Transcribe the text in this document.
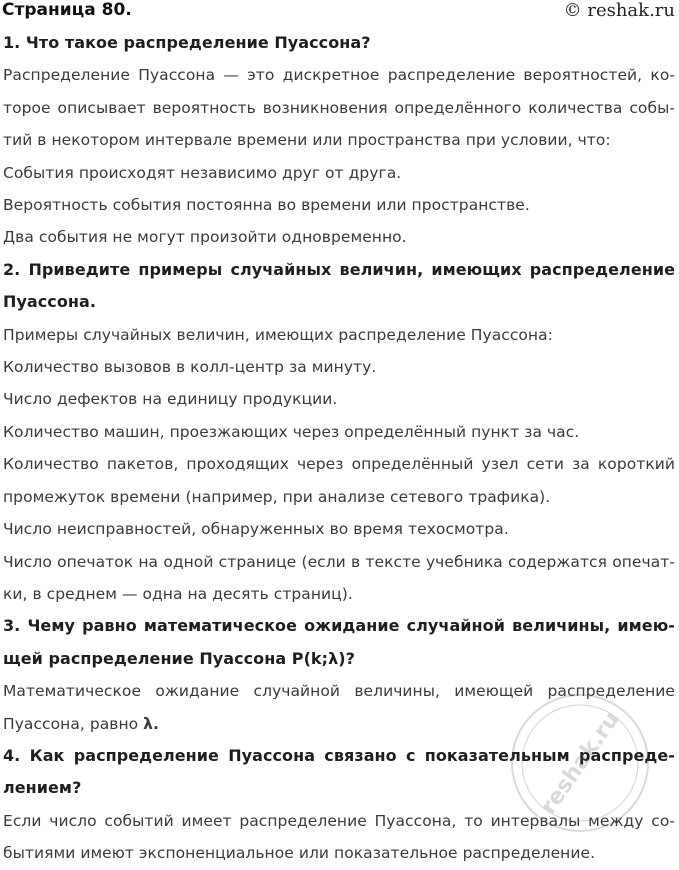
Страница 80.	© reshak.ru
1. Что такое распределение Пуассона?
Распределение Пуассона — это дискретное распределение вероятностей, ко-
торое описывает вероятность возникновения определённого количества собы-
тий в некотором интервале времени или пространства при условии, что:
События происходят независимо друг от друга.
Вероятность события постоянна во времени или пространстве.
Два события не могут произойти одновременно.
2. Приведите примеры случайных величин, имеющих распределение
Пуассона.
Примеры случайных величин, имеющих распределение Пуассона:
Количество вызовов в колл-центр за минуту.
Число дефектов на единицу продукции.
Количество машин, проезжающих через определённый пункт за час.
Количество пакетов, проходящих через определённый узел сети за короткий
промежуток времени (например, при анализе сетевого трафика).
Число неисправностей, обнаруженных во время техосмотра.
Число опечаток на одной странице (если в тексте учебника содержатся опечат-
ки, в среднем — одна на десять страниц).
3. Чему равно математическое ожидание случайной величины, имею-
щей распределение Пуассона P(k;λ)?
Математическое ожидание случайной величины, имеющей распределение
Пуассона, равно λ.
4. Как распределение Пуассона связано с показательным распреде-
лением?
Если число событий имеет распределение Пуассона, то интервалы между со-
бытиями имеют экспоненциальное или показательное распределение.
reshak.ru
